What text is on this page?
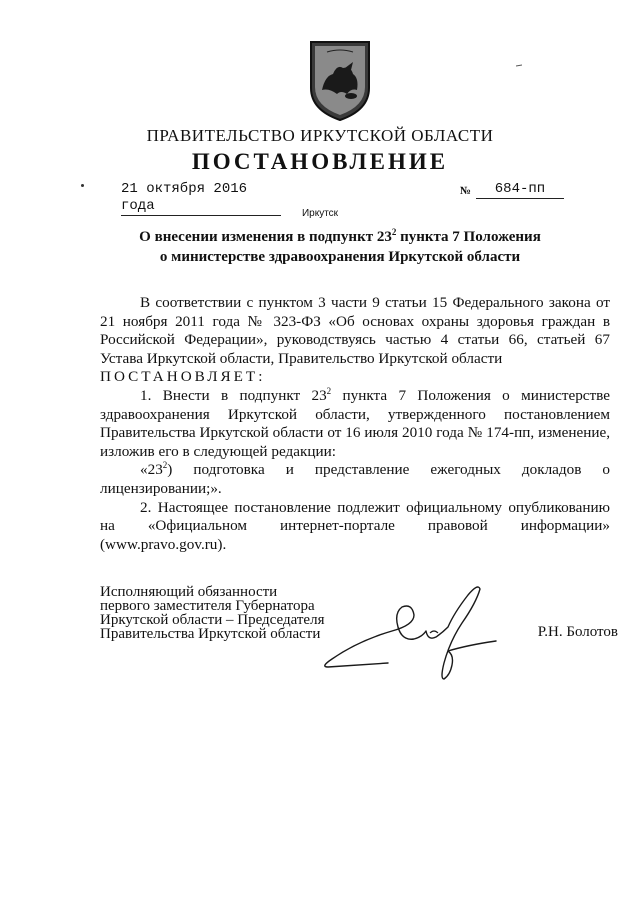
ПРАВИТЕЛЬСТВО ИРКУТСКОЙ ОБЛАСТИ
ПОСТАНОВЛЕНИЕ
21 октября 2016 года
№	684-пп
Иркутск
О внесении изменения в подпункт $23^2$ пункта 7 Положения
о министерстве здравоохранения Иркутской области

В соответствии с пунктом 3 части 9 статьи 15 Федерального закона от 21 ноября 2011 года № 323-ФЗ «Об основах охраны здоровья граждан в Российской Федерации», руководствуясь частью 4 статьи 66, статьей 67 Устава Иркутской области, Правительство Иркутской области

ПОСТАНОВЛЯЕТ:

1. Внести в подпункт $23^2$ пункта 7 Положения о министерстве здравоохранения Иркутской области, утвержденного постановлением Правительства Иркутской области от 16 июля 2010 года № 174-пп, изменение, изложив его в следующей редакции:

«$23^2$) подготовка и представление ежегодных докладов о лицензировании;».

2. Настоящее постановление подлежит официальному опубликованию на «Официальном интернет-портале правовой информации» (www.pravo.gov.ru).

Исполняющий обязанности
первого заместителя Губернатора
Иркутской области – Председателя
Правительства Иркутской области	Р.Н. Болотов
